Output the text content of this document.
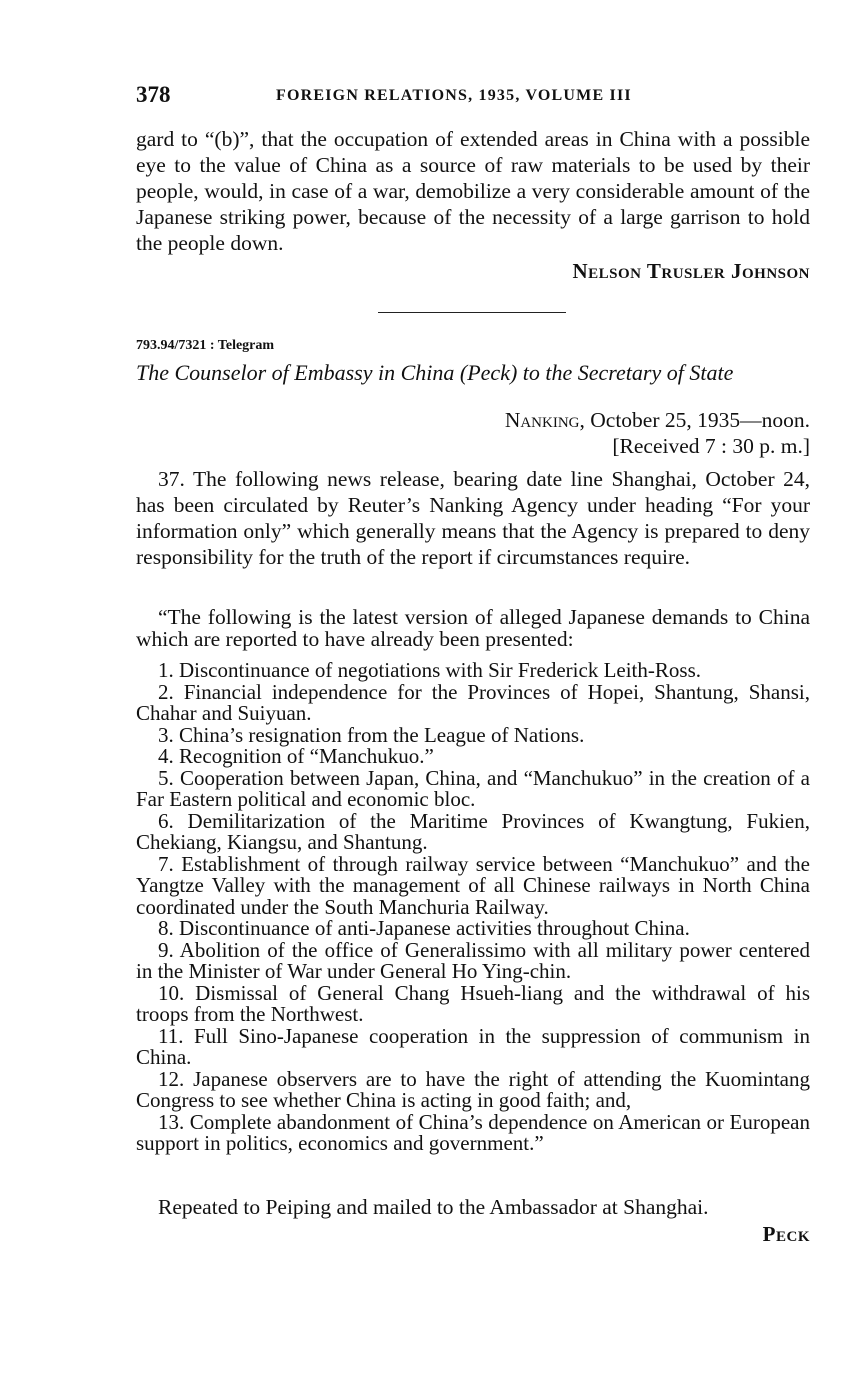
378	FOREIGN RELATIONS, 1935, VOLUME III

gard to “(b)”, that the occupation of extended areas in China with a possible eye to the value of China as a source of raw materials to be used by their people, would, in case of a war, demobilize a very considerable amount of the Japanese striking power, because of the necessity of a large garrison to hold the people down.

Nelson Trusler Johnson
793.94/7321 : Telegram
The Counselor of Embassy in China (Peck) to the Secretary of State
Nanking, October 25, 1935—noon.
[Received 7 : 30 p. m.]

37. The following news release, bearing date line Shanghai, October 24, has been circulated by Reuter’s Nanking Agency under heading “For your information only” which generally means that the Agency is prepared to deny responsibility for the truth of the report if circumstances require.

“The following is the latest version of alleged Japanese demands to China which are reported to have already been presented:

1. Discontinuance of negotiations with Sir Frederick Leith-Ross.
2. Financial independence for the Provinces of Hopei, Shantung, Shansi, Chahar and Suiyuan.
3. China’s resignation from the League of Nations.
4. Recognition of “Manchukuo.”
5. Cooperation between Japan, China, and “Manchukuo” in the creation of a Far Eastern political and economic bloc.
6. Demilitarization of the Maritime Provinces of Kwangtung, Fukien, Chekiang, Kiangsu, and Shantung.
7. Establishment of through railway service between “Manchukuo” and the Yangtze Valley with the management of all Chinese railways in North China coordinated under the South Manchuria Railway.
8. Discontinuance of anti-Japanese activities throughout China.
9. Abolition of the office of Generalissimo with all military power centered in the Minister of War under General Ho Ying-chin.
10. Dismissal of General Chang Hsueh-liang and the withdrawal of his troops from the Northwest.
11. Full Sino-Japanese cooperation in the suppression of communism in China.
12. Japanese observers are to have the right of attending the Kuomintang Congress to see whether China is acting in good faith; and,
13. Complete abandonment of China’s dependence on American or European support in politics, economics and government.”

Repeated to Peiping and mailed to the Ambassador at Shanghai.

Peck
